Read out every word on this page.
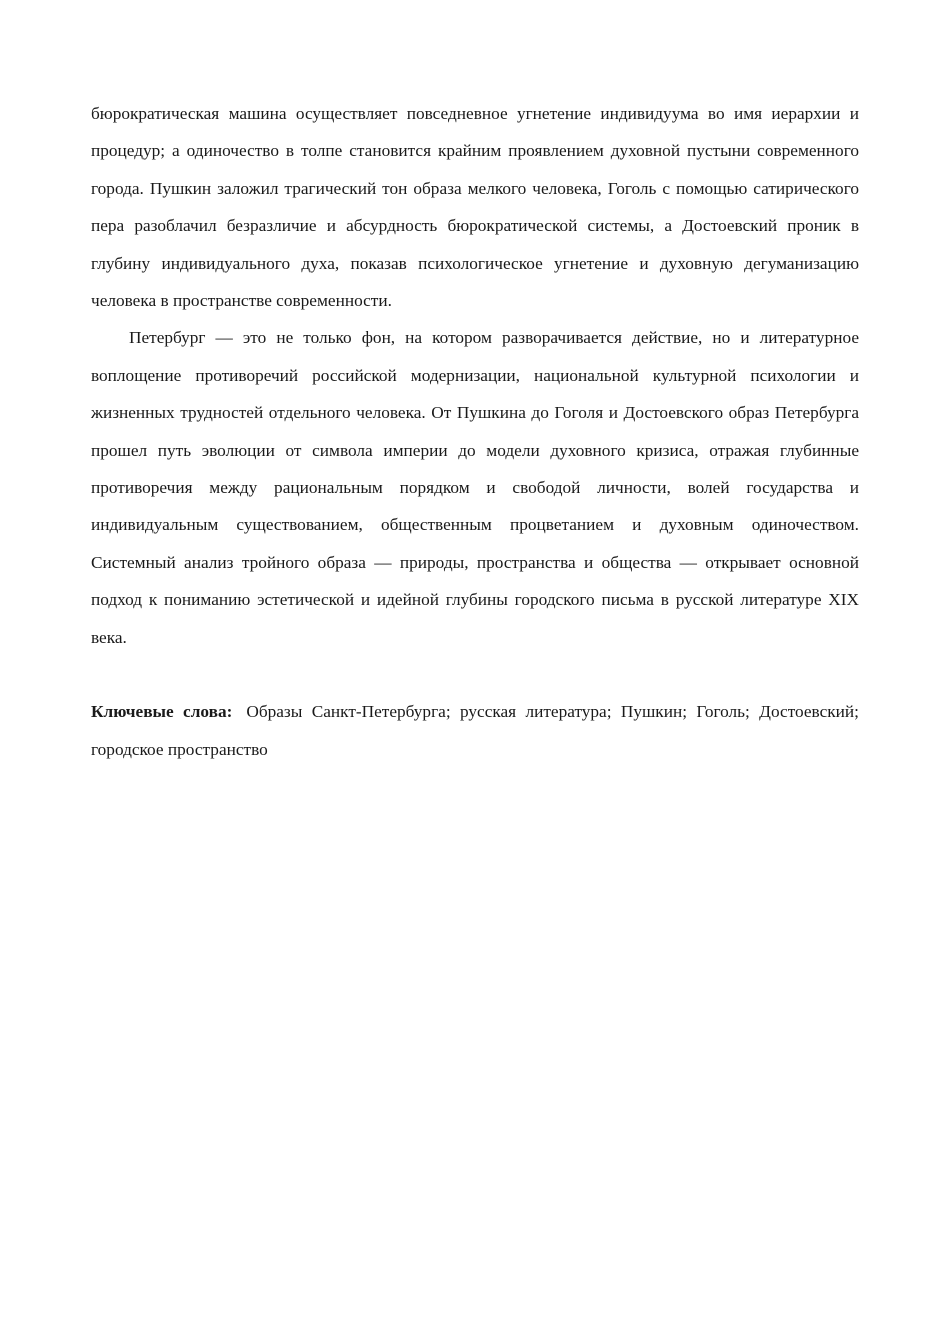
бюрократическая машина осуществляет повседневное угнетение индивидуума во имя иерархии и процедур; а одиночество в толпе становится крайним проявлением духовной пустыни современного города. Пушкин заложил трагический тон образа мелкого человека, Гоголь с помощью сатирического пера разоблачил безразличие и абсурдность бюрократической системы, а Достоевский проник в глубину индивидуального духа, показав психологическое угнетение и духовную дегуманизацию человека в пространстве современности.

Петербург — это не только фон, на котором разворачивается действие, но и литературное воплощение противоречий российской модернизации, национальной культурной психологии и жизненных трудностей отдельного человека. От Пушкина до Гоголя и Достоевского образ Петербурга прошел путь эволюции от символа империи до модели духовного кризиса, отражая глубинные противоречия между рациональным порядком и свободой личности, волей государства и индивидуальным существованием, общественным процветанием и духовным одиночеством. Системный анализ тройного образа — природы, пространства и общества — открывает основной подход к пониманию эстетической и идейной глубины городского письма в русской литературе XIX века.

Ключевые слова: Образы Санкт-Петербурга; русская литература; Пушкин; Гоголь; Достоевский; городское пространство
